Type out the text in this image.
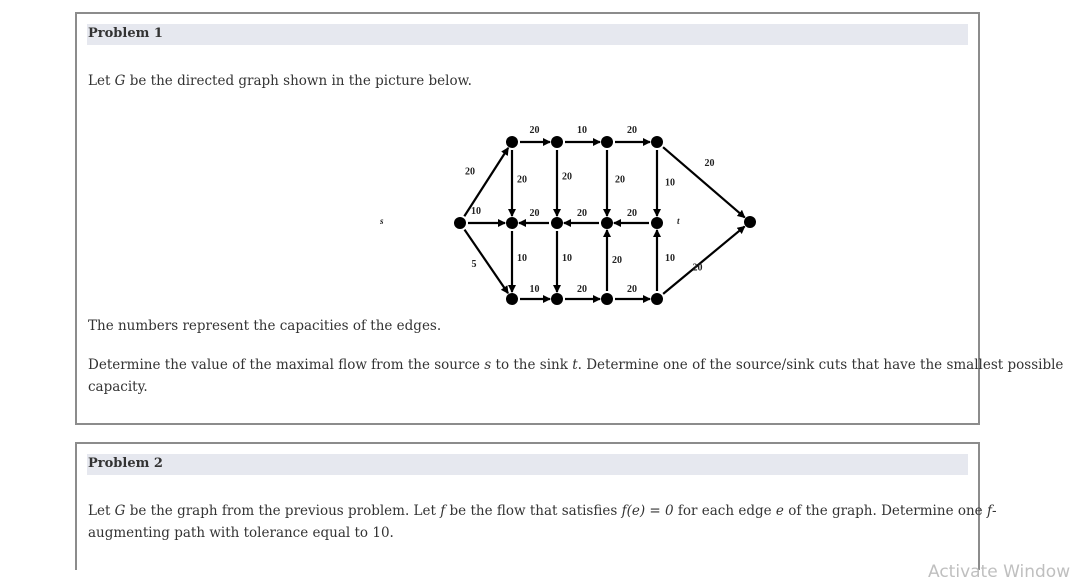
Problem 1
Let G be the directed graph shown in the picture below.
20
10
5
20	10	20
20
20	20	20	10
20	20	20
10	10	20	10
10	20	20
20
s	t
The numbers represent the capacities of the edges.
Determine the value of the maximal flow from the source s to the sink t. Determine one of the source/sink cuts that have the smallest possible
capacity.
Problem 2
Let G be the graph from the previous problem. Let f be the flow that satisfies f(e) = 0 for each edge e of the graph. Determine one f-
augmenting path with tolerance equal to 10.
Activate Window
